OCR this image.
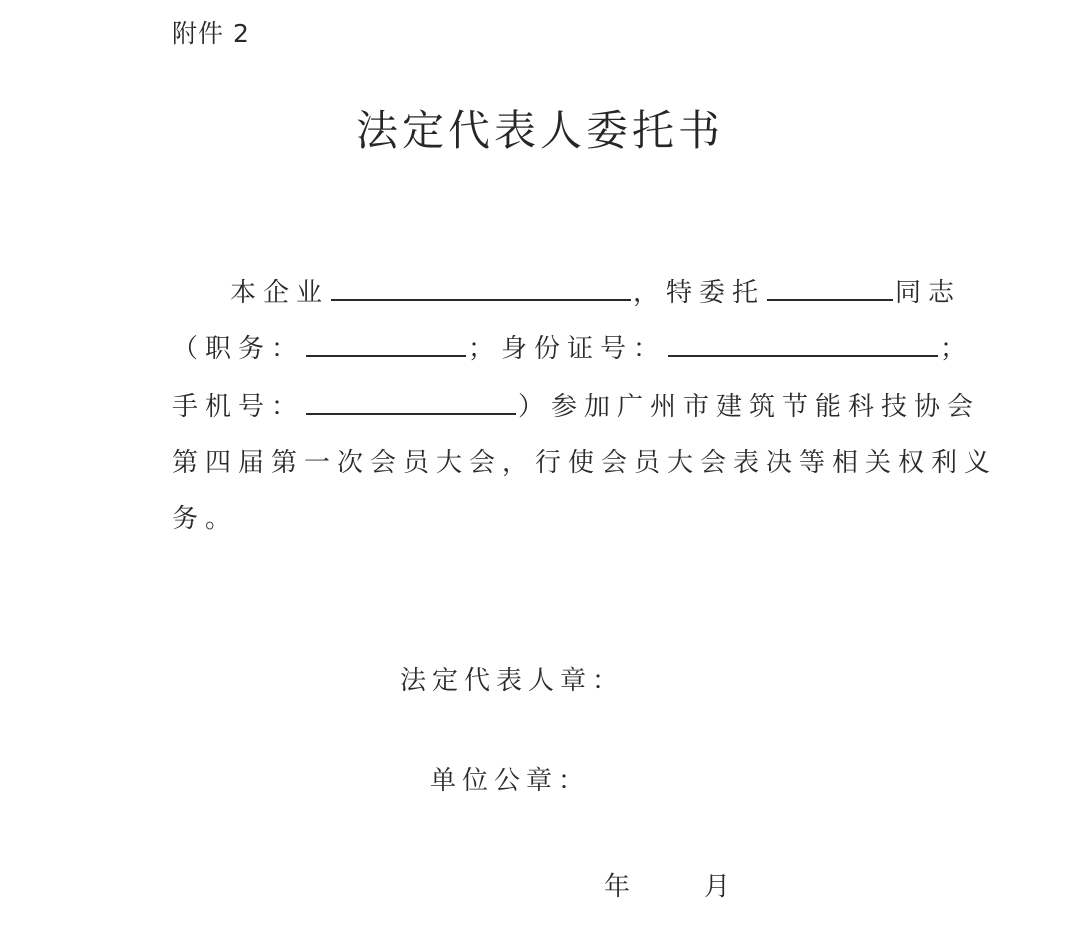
附件 2
法定代表人委托书
本企业	，特委托	同志
（职务：	；身份证号：	；
手机号：	）参加广州市建筑节能科技协会
第四届第一次会员大会，行使会员大会表决等相关权利义
务。
法定代表人章：
单位公章：
年	月
